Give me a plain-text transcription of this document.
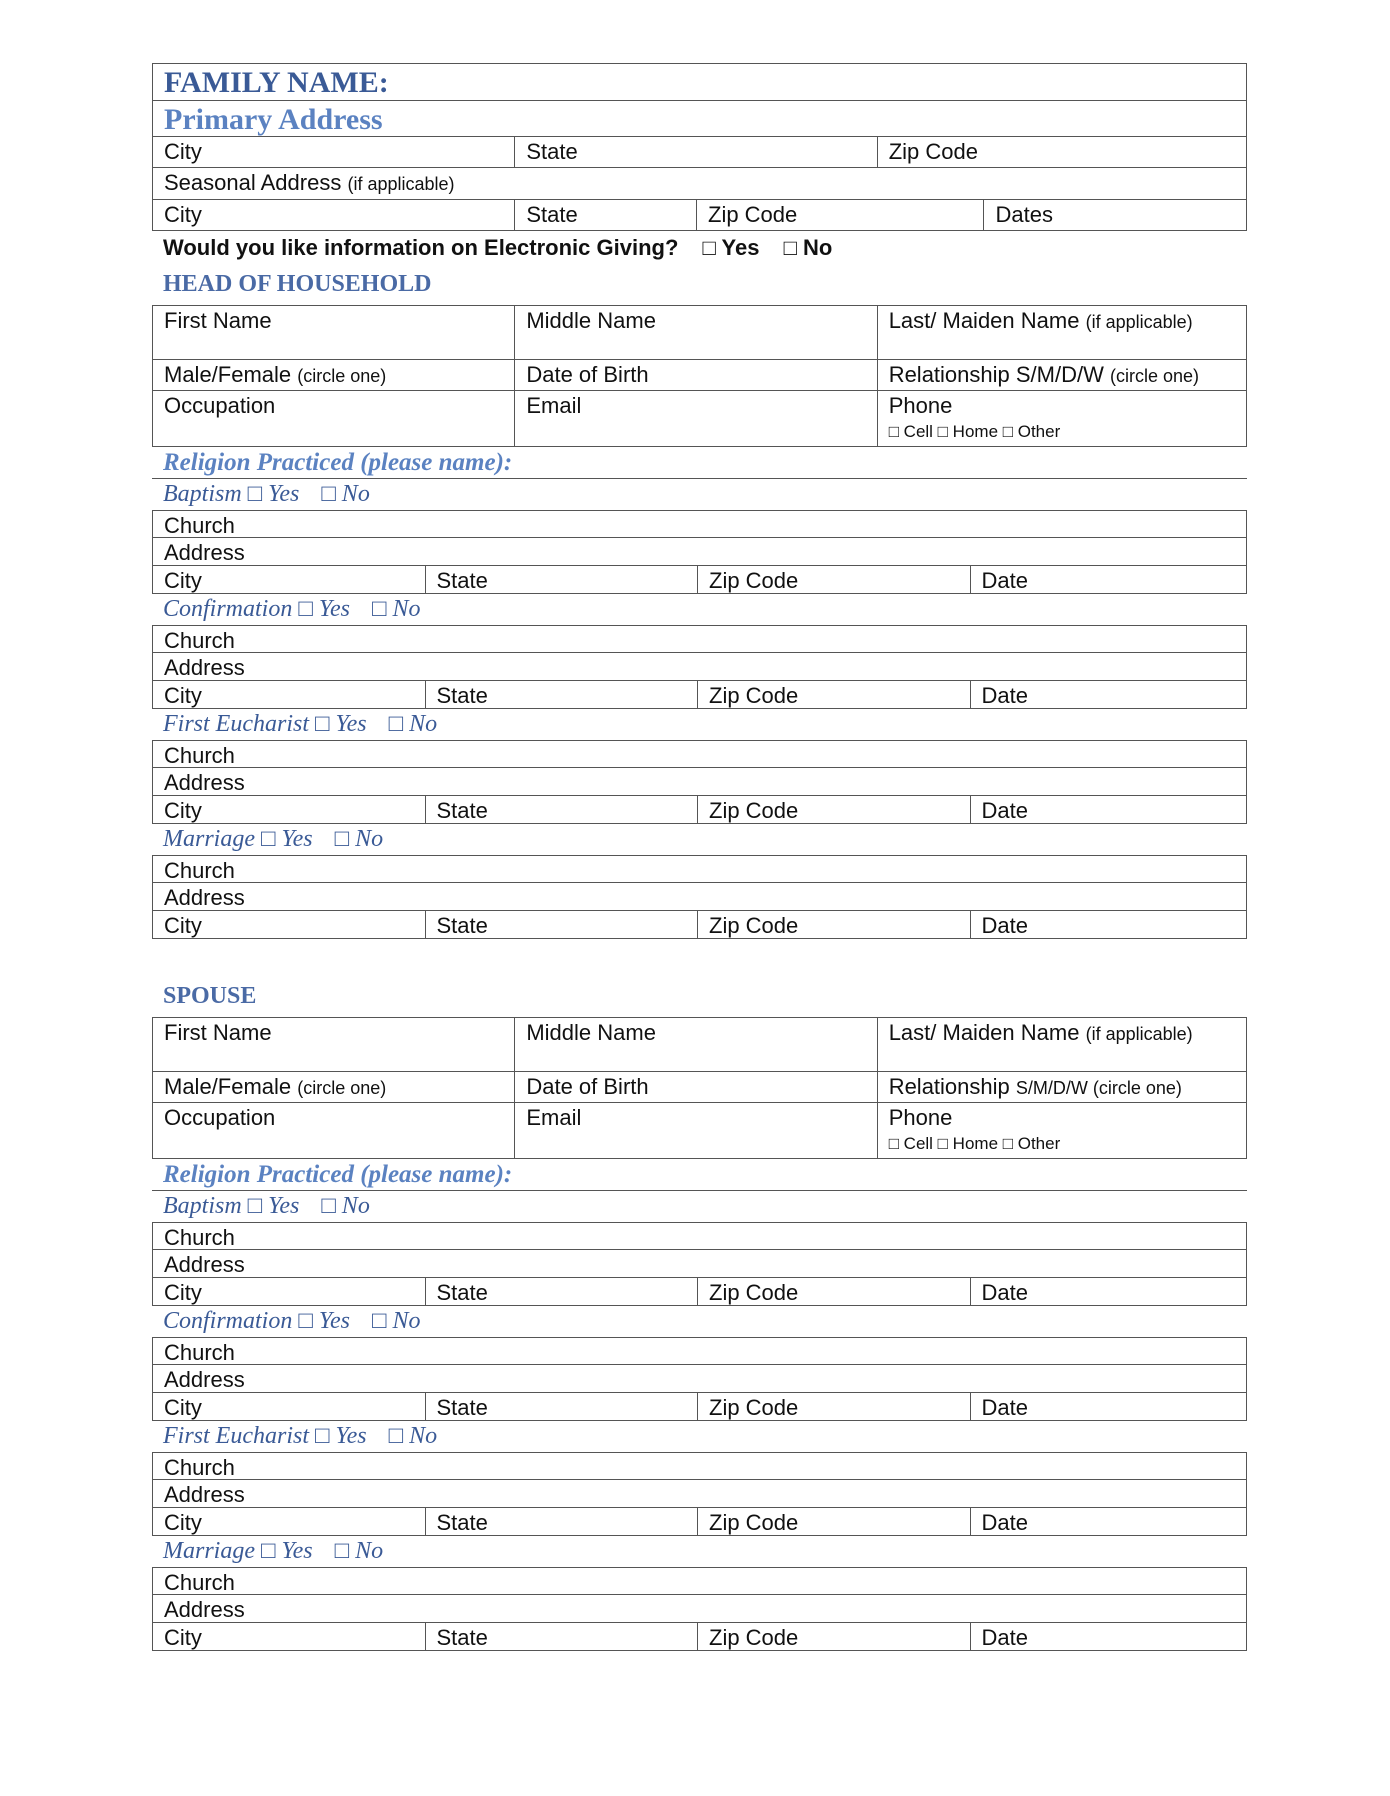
FAMILY NAME:
Primary Address
City	State	Zip Code
Seasonal Address (if applicable)
City	State	Zip Code	Dates
Would you like information on Electronic Giving? □ Yes □ No
HEAD OF HOUSEHOLD
First Name	Middle Name	Last/ Maiden Name (if applicable)
Male/Female (circle one)	Date of Birth	Relationship S/M/D/W (circle one)
Occupation	Email	Phone
□ Cell □ Home □ Other
Religion Practiced (please name):
Baptism □ Yes □ No
Church
Address
City	State	Zip Code	Date
Confirmation □ Yes □ No
Church
Address
City	State	Zip Code	Date
First Eucharist □ Yes □ No
Church
Address
City	State	Zip Code	Date
Marriage □ Yes □ No
Church
Address
City	State	Zip Code	Date
SPOUSE
First Name	Middle Name	Last/ Maiden Name (if applicable)
Male/Female (circle one)	Date of Birth	Relationship S/M/D/W (circle one)
Occupation	Email	Phone
□ Cell □ Home □ Other
Religion Practiced (please name):
Baptism □ Yes □ No
Church
Address
City	State	Zip Code	Date
Confirmation □ Yes □ No
Church
Address
City	State	Zip Code	Date
First Eucharist □ Yes □ No
Church
Address
City	State	Zip Code	Date
Marriage □ Yes □ No
Church
Address
City	State	Zip Code	Date
